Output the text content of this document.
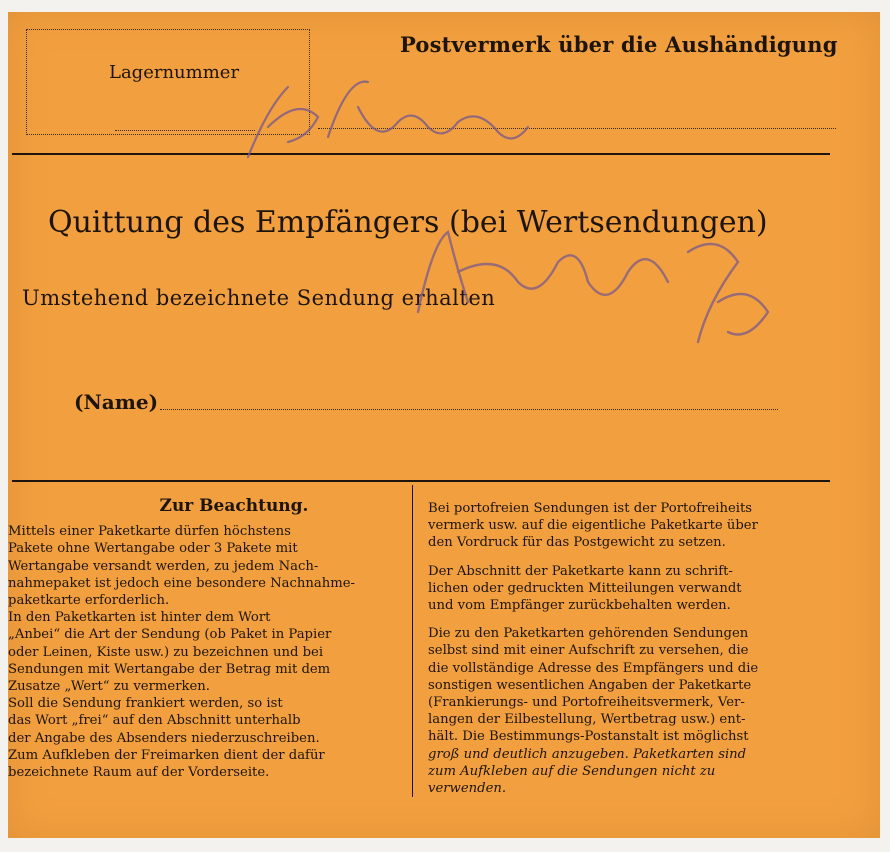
Lagernummer
Postvermerk über die Aushändigung
Quittung des Empfängers (bei Wertsendungen)
Umstehend bezeichnete Sendung erhalten
(Name)
Zur Beachtung.
Mittels einer Paketkarte dürfen höchstens
Pakete ohne Wertangabe oder 3 Pakete mit
Wertangabe versandt werden, zu jedem Nach-
nahmepaket ist jedoch eine besondere Nachnahme-
paketkarte erforderlich.
In den Paketkarten ist hinter dem Wort
„Anbei“ die Art der Sendung (ob Paket in Papier
oder Leinen, Kiste usw.) zu bezeichnen und bei
Sendungen mit Wertangabe der Betrag mit dem
Zusatze „Wert“ zu vermerken.
Soll die Sendung frankiert werden, so ist
das Wort „frei“ auf den Abschnitt unterhalb
der Angabe des Absenders niederzuschreiben.
Zum Aufkleben der Freimarken dient der dafür
bezeichnete Raum auf der Vorderseite.

Bei portofreien Sendungen ist der Portofreiheits
vermerk usw. auf die eigentliche Paketkarte über
den Vordruck für das Postgewicht zu setzen.

Der Abschnitt der Paketkarte kann zu schrift-
lichen oder gedruckten Mitteilungen verwandt
und vom Empfänger zurückbehalten werden.

Die zu den Paketkarten gehörenden Sendungen
selbst sind mit einer Aufschrift zu versehen, die
die vollständige Adresse des Empfängers und die
sonstigen wesentlichen Angaben der Paketkarte
(Frankierungs- und Portofreiheitsvermerk, Ver-
langen der Eilbestellung, Wertbetrag usw.) ent-
hält. Die Bestimmungs-Postanstalt ist möglichst
groß und deutlich anzugeben. Paketkarten sind
zum Aufkleben auf die Sendungen nicht zu
verwenden.
